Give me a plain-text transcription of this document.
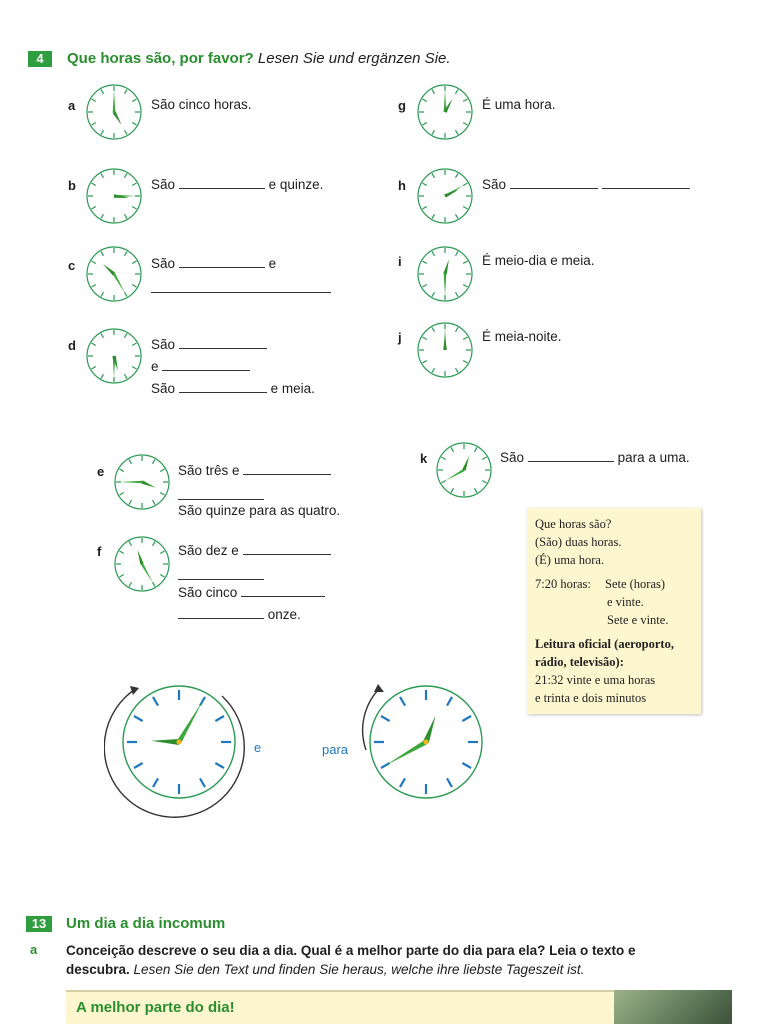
4	Que horas são, por favor? Lesen Sie und ergänzen Sie.
a	São cinco horas.
b	São	e quinze.
c	São	e
d	São
e
São	e meia.
g	É uma hora.
h	São
i	É meio-dia e meia.
j	É meia-noite.
e	São três e
São quinze para as quatro.
f	São dez e
São cinco
onze.
k	São	para a uma.
Que horas são?
(São) duas horas.
(É) uma hora.
7:20 horas: Sete (horas)
e vinte.
Sete e vinte.
Leitura oficial (aeroporto,
rádio, televisão):
21:32 vinte e uma horas
e trinta e dois minutos
e	para
13	Um dia a dia incomum
a Conceição descreve o seu dia a dia. Qual é a melhor parte do dia para ela? Leia o texto e
descubra. Lesen Sie den Text und finden Sie heraus, welche ihre liebste Tageszeit ist.
A melhor parte do dia!
